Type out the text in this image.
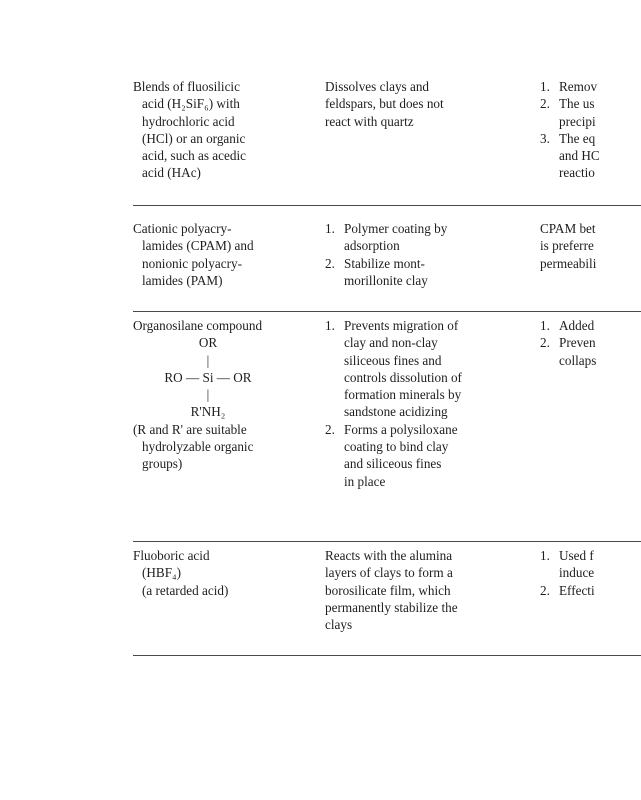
Blends of fluosilicic
acid (H₂SiF₆) with
hydrochloric acid
(HCl) or an organic
acid, such as acedic
acid (HAc)
Dissolves clays and
feldspars, but does not
react with quartz
1. Remov
2. The us
precipi
3. The eq
and HC
reactio
Cationic polyacry-
lamides (CPAM) and
nonionic polyacry-
lamides (PAM)
1. Polymer coating by
adsorption
2. Stabilize mont-
morillonite clay
CPAM bet
is preferre
permeabili
Organosilane compound
OR
|
RO — Si — OR
|
R'NH₂
(R and R' are suitable
hydrolyzable organic
groups)
1. Prevents migration of
clay and non-clay
siliceous fines and
controls dissolution of
formation minerals by
sandstone acidizing
2. Forms a polysiloxane
coating to bind clay
and siliceous fines
in place
1. Added
2. Preven
collaps
Fluoboric acid
(HBF₄)
(a retarded acid)
Reacts with the alumina
layers of clays to form a
borosilicate film, which
permanently stabilize the
clays
1. Used f
induce
2. Effecti
